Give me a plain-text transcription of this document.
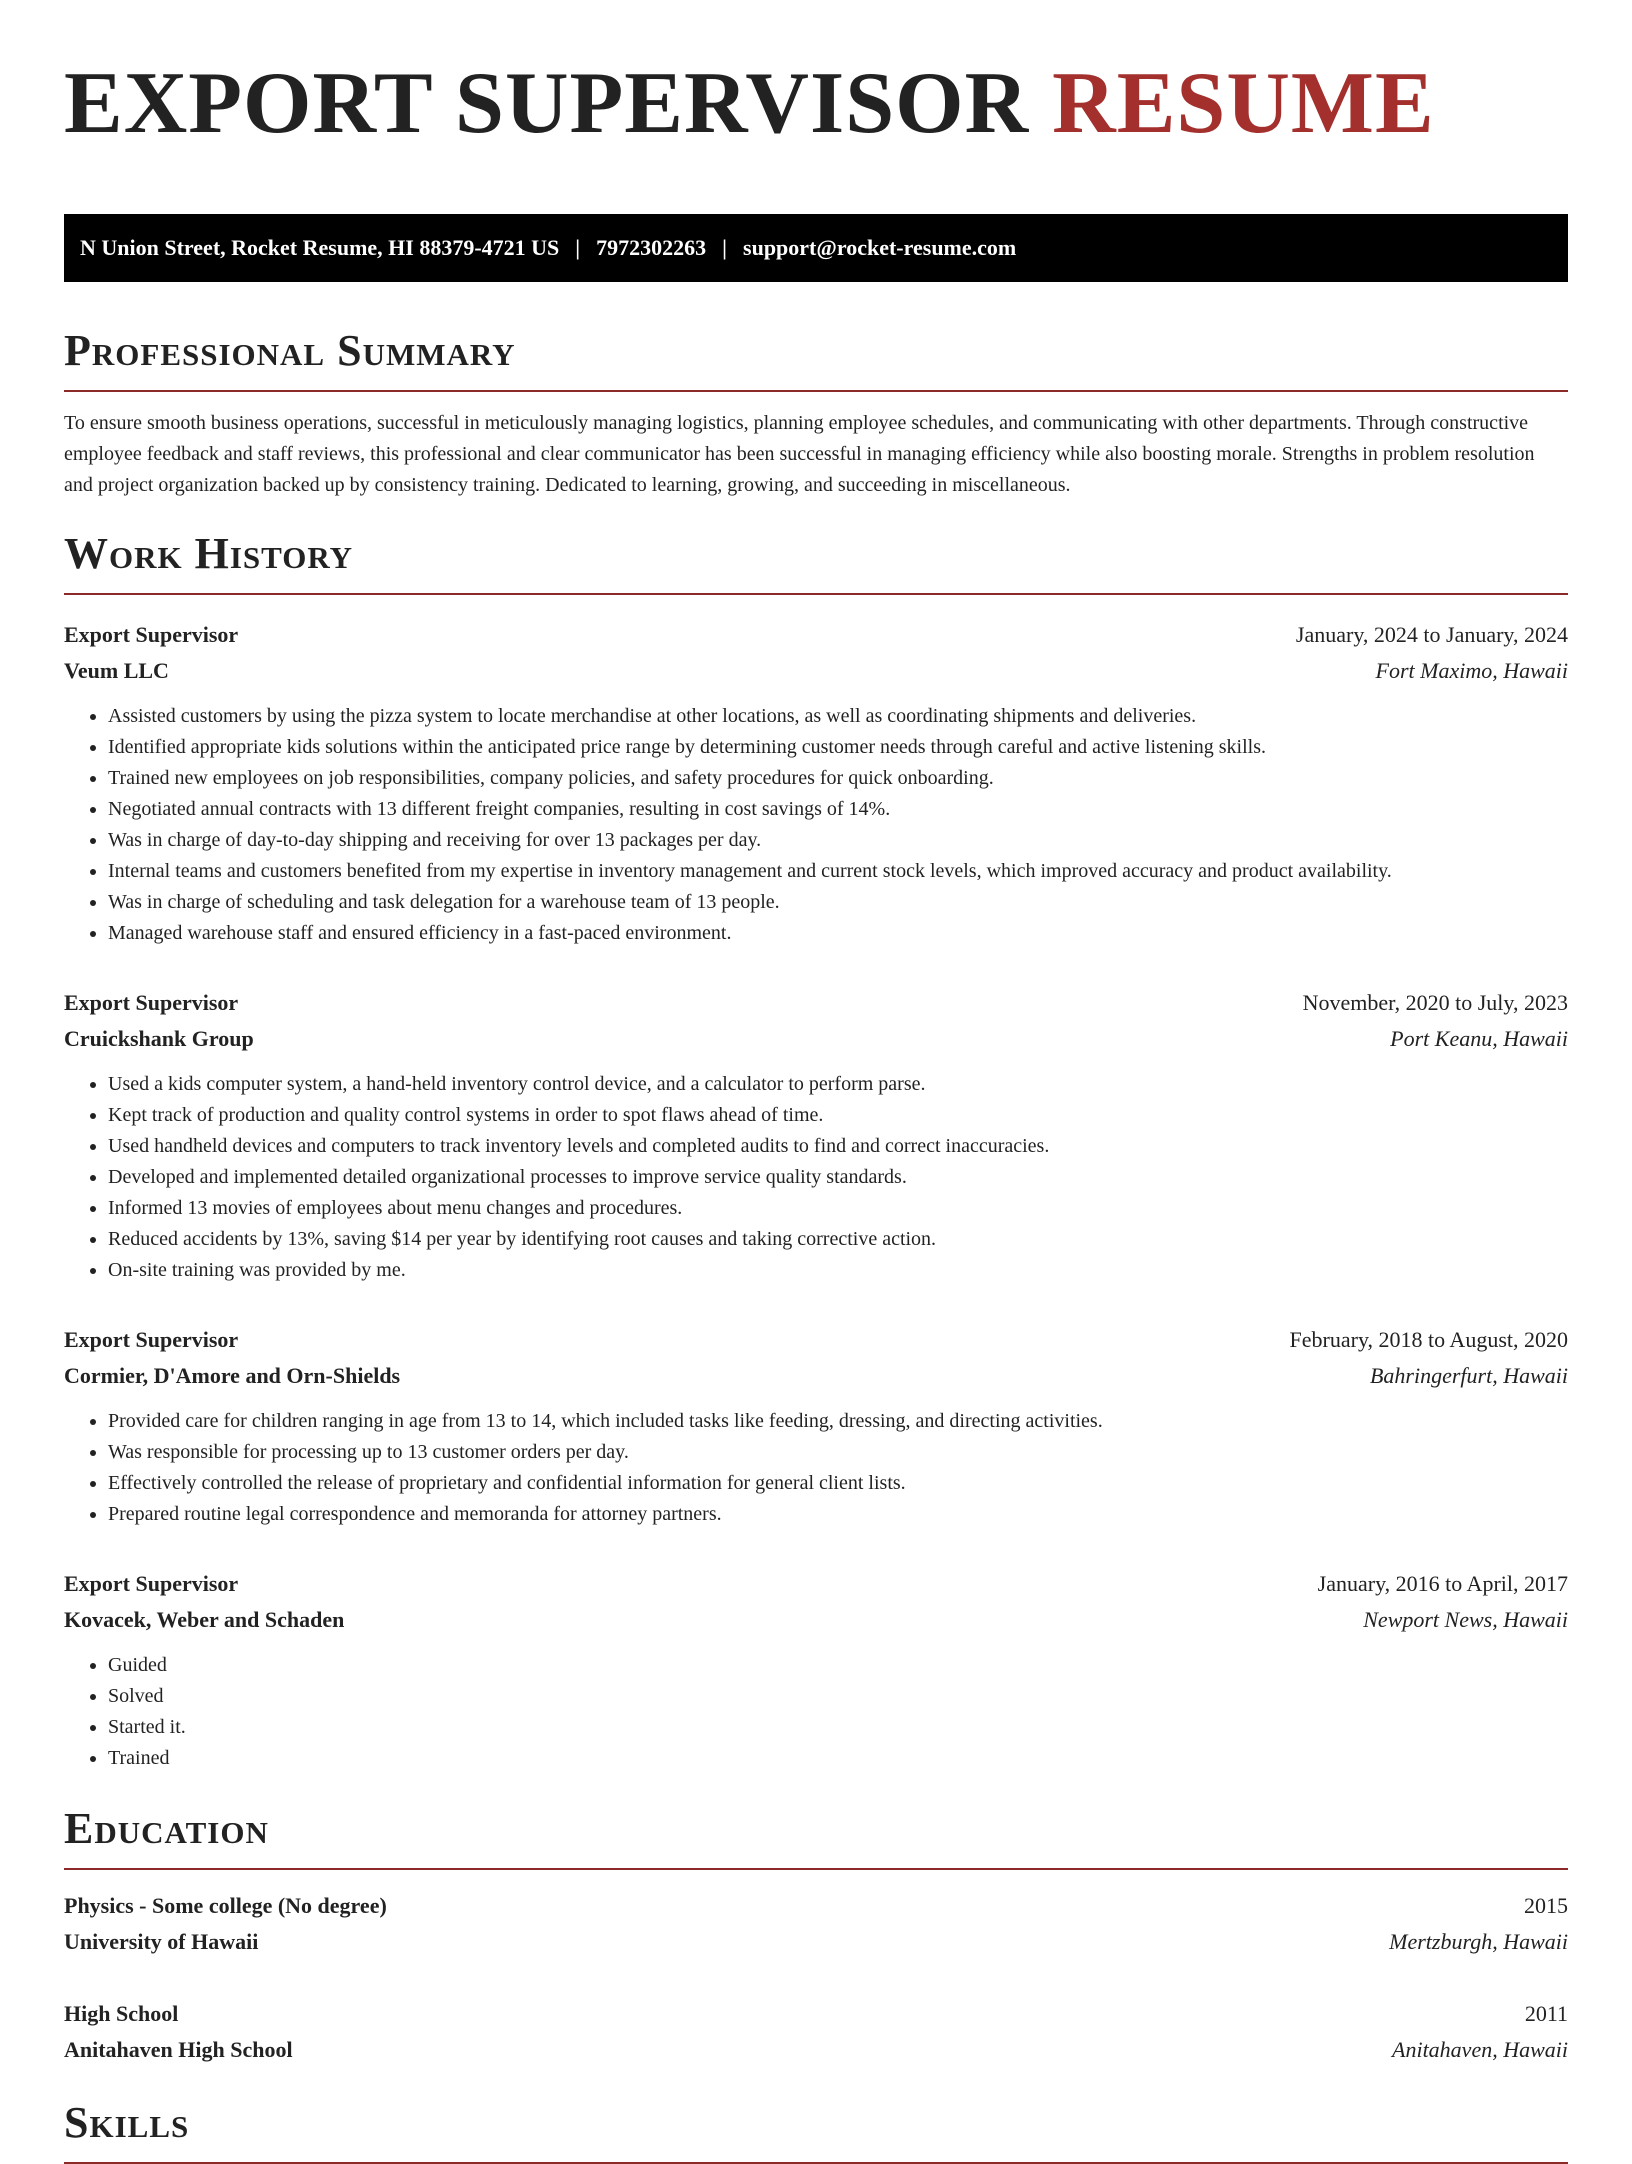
EXPORT SUPERVISOR RESUME
N Union Street, Rocket Resume, HI 88379-4721 US | 7972302263 | support@rocket-resume.com
Professional Summary

To ensure smooth business operations, successful in meticulously managing logistics, planning employee schedules, and communicating with other departments. Through constructive employee feedback and staff reviews, this professional and clear communicator has been successful in managing efficiency while also boosting morale. Strengths in problem resolution and project organization backed up by consistency training. Dedicated to learning, growing, and succeeding in miscellaneous.

Work History
Export Supervisor	January, 2024 to January, 2024
Veum LLC	Fort Maximo, Hawaii
• Assisted customers by using the pizza system to locate merchandise at other locations, as well as coordinating shipments and deliveries.
• Identified appropriate kids solutions within the anticipated price range by determining customer needs through careful and active listening skills.
• Trained new employees on job responsibilities, company policies, and safety procedures for quick onboarding.
• Negotiated annual contracts with 13 different freight companies, resulting in cost savings of 14%.
• Was in charge of day-to-day shipping and receiving for over 13 packages per day.
• Internal teams and customers benefited from my expertise in inventory management and current stock levels, which improved accuracy and product availability.
• Was in charge of scheduling and task delegation for a warehouse team of 13 people.
• Managed warehouse staff and ensured efficiency in a fast-paced environment.
Export Supervisor	November, 2020 to July, 2023
Cruickshank Group	Port Keanu, Hawaii
• Used a kids computer system, a hand-held inventory control device, and a calculator to perform parse.
• Kept track of production and quality control systems in order to spot flaws ahead of time.
• Used handheld devices and computers to track inventory levels and completed audits to find and correct inaccuracies.
• Developed and implemented detailed organizational processes to improve service quality standards.
• Informed 13 movies of employees about menu changes and procedures.
• Reduced accidents by 13%, saving $14 per year by identifying root causes and taking corrective action.
• On-site training was provided by me.
Export Supervisor	February, 2018 to August, 2020
Cormier, D'Amore and Orn-Shields	Bahringerfurt, Hawaii
• Provided care for children ranging in age from 13 to 14, which included tasks like feeding, dressing, and directing activities.
• Was responsible for processing up to 13 customer orders per day.
• Effectively controlled the release of proprietary and confidential information for general client lists.
• Prepared routine legal correspondence and memoranda for attorney partners.
Export Supervisor	January, 2016 to April, 2017
Kovacek, Weber and Schaden	Newport News, Hawaii
• Guided
• Solved
• Started it.
• Trained
Education
Physics - Some college (No degree)	2015
University of Hawaii	Mertzburgh, Hawaii
High School	2011
Anitahaven High School	Anitahaven, Hawaii
Skills
